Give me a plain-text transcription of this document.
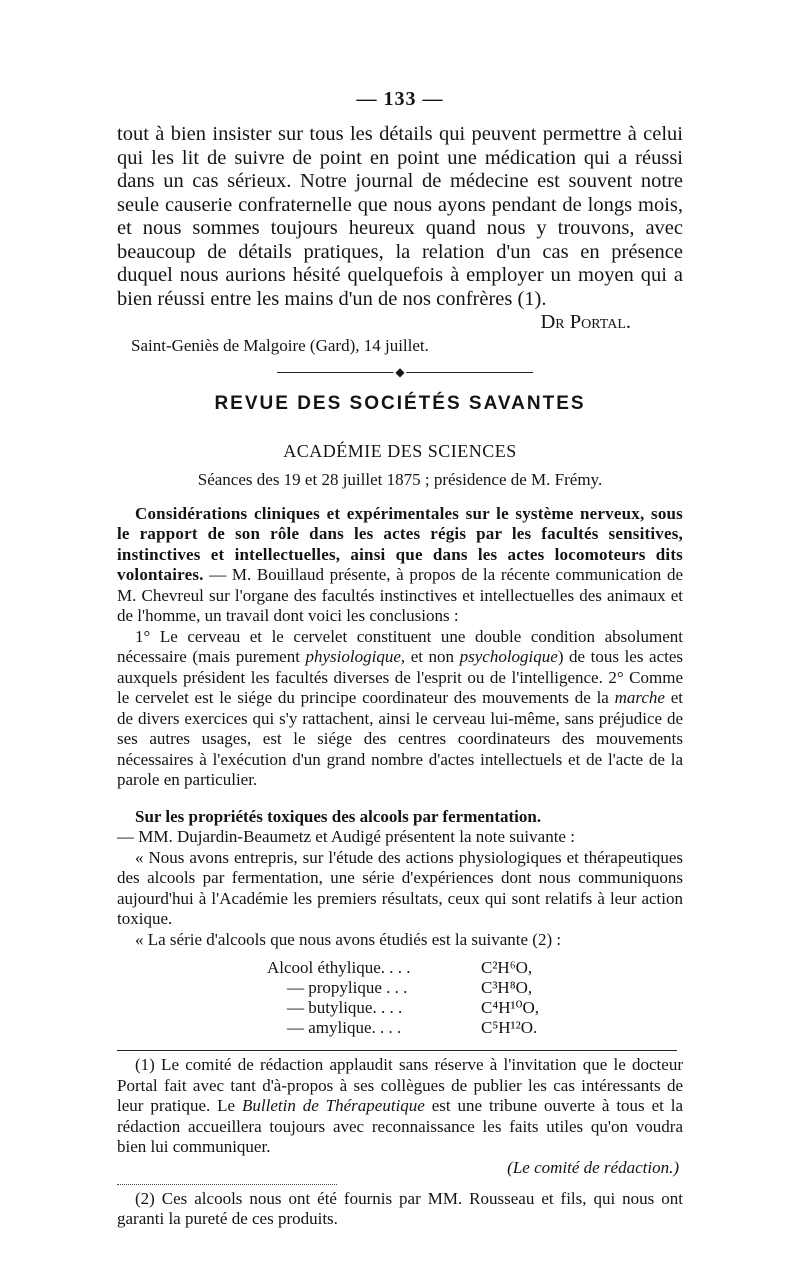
— 133 —

tout à bien insister sur tous les détails qui peuvent permettre à celui qui les lit de suivre de point en point une médication qui a réussi dans un cas sérieux. Notre journal de médecine est souvent notre seule causerie confraternelle que nous ayons pendant de longs mois, et nous sommes toujours heureux quand nous y trouvons, avec beaucoup de détails pratiques, la relation d'un cas en présence duquel nous aurions hésité quelquefois à employer un moyen qui a bien réussi entre les mains d'un de nos confrères (1).

Dr Portal.

Saint-Geniès de Malgoire (Gard), 14 juillet.

◆
REVUE DES SOCIÉTÉS SAVANTES
ACADÉMIE DES SCIENCES
Séances des 19 et 28 juillet 1875 ; présidence de M. Frémy.

Considérations cliniques et expérimentales sur le système nerveux, sous le rapport de son rôle dans les actes régis par les facultés sensitives, instinctives et intellectuelles, ainsi que dans les actes locomoteurs dits volontaires. — M. Bouillaud présente, à propos de la récente communication de M. Chevreul sur l'organe des facultés instinctives et intellectuelles des animaux et de l'homme, un travail dont voici les conclusions :

1° Le cerveau et le cervelet constituent une double condition absolument nécessaire (mais purement physiologique, et non psychologique) de tous les actes auxquels président les facultés diverses de l'esprit ou de l'intelligence. 2° Comme le cervelet est le siége du principe coordinateur des mouvements de la marche et de divers exercices qui s'y rattachent, ainsi le cerveau lui-même, sans préjudice de ses autres usages, est le siége des centres coordinateurs des mouvements nécessaires à l'exécution d'un grand nombre d'actes intellectuels et de l'acte de la parole en particulier.

Sur les propriétés toxiques des alcools par fermentation.

— MM. Dujardin-Beaumetz et Audigé présentent la note suivante :

« Nous avons entrepris, sur l'étude des actions physiologiques et thérapeutiques des alcools par fermentation, une série d'expériences dont nous communiquons aujourd'hui à l'Académie les premiers résultats, ceux qui sont relatifs à leur action toxique.

« La série d'alcools que nous avons étudiés est la suivante (2) :

Alcool éthylique. . . .	C²H⁶O,
— propylique . . .	C³H⁸O,
— butylique. . . .	C⁴H¹⁰O,
— amylique. . . .	C⁵H¹²O.

(1) Le comité de rédaction applaudit sans réserve à l'invitation que le docteur Portal fait avec tant d'à-propos à ses collègues de publier les cas intéressants de leur pratique. Le Bulletin de Thérapeutique est une tribune ouverte à tous et la rédaction accueillera toujours avec reconnaissance les faits utiles qu'on voudra bien lui communiquer.

(Le comité de rédaction.)

(2) Ces alcools nous ont été fournis par MM. Rousseau et fils, qui nous ont garanti la pureté de ces produits.
